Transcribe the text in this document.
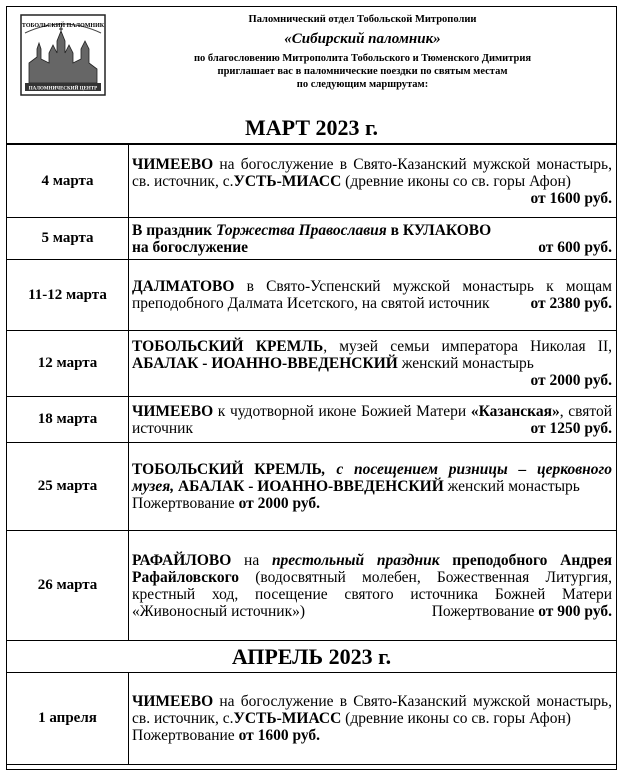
ТОБОЛЬСКИЙ ПАЛОМНИК
ПАЛОМНИЧЕСКИЙ ЦЕНТР
Паломнический отдел Тобольской Митрополии
«Сибирский паломник»
по благословению Митрополита Тобольского и Тюменского Димитрия
приглашает вас в паломнические поездки по святым местам
по следующим маршрутам:
МАРТ 2023 г.
4 марта	ЧИМЕЕВО на богослужение в Свято-Казанский мужской монастырь, св. источник, с.УСТЬ-МИАСС (древние иконы со св. горы Афон)
от 1600 руб.

5 марта	В праздник Торжества Православия в КУЛАКОВО
на богослужение от 600 руб.

11-12 марта	ДАЛМАТОВО в Свято-Успенский мужской монастырь к мощам преподобного Далмата Исетского, на святой источник от 2380 руб.

12 марта	ТОБОЛЬСКИЙ КРЕМЛЬ, музей семьи императора Николая II, АБАЛАК - ИОАННО-ВВЕДЕНСКИЙ женский монастырь
от 2000 руб.

18 марта	ЧИМЕЕВО к чудотворной иконе Божией Матери «Казанская», святой источник от 1250 руб.

25 марта	ТОБОЛЬСКИЙ КРЕМЛЬ, с посещением ризницы – церковного музея, АБАЛАК - ИОАННО-ВВЕДЕНСКИЙ женский монастырь
Пожертвование от 2000 руб.

26 марта	РАФАЙЛОВО на престольный праздник преподобного Андрея Рафайловского (водосвятный молебен, Божественная Литургия, крестный ход, посещение святого источника Божней Матери «Живоносный источник») Пожертвование от 900 руб.

АПРЕЛЬ 2023 г.	
1 апреля	ЧИМЕЕВО на богослужение в Свято-Казанский мужской монастырь, св. источник, с.УСТЬ-МИАСС (древние иконы со св. горы Афон)
Пожертвование от 1600 руб.
